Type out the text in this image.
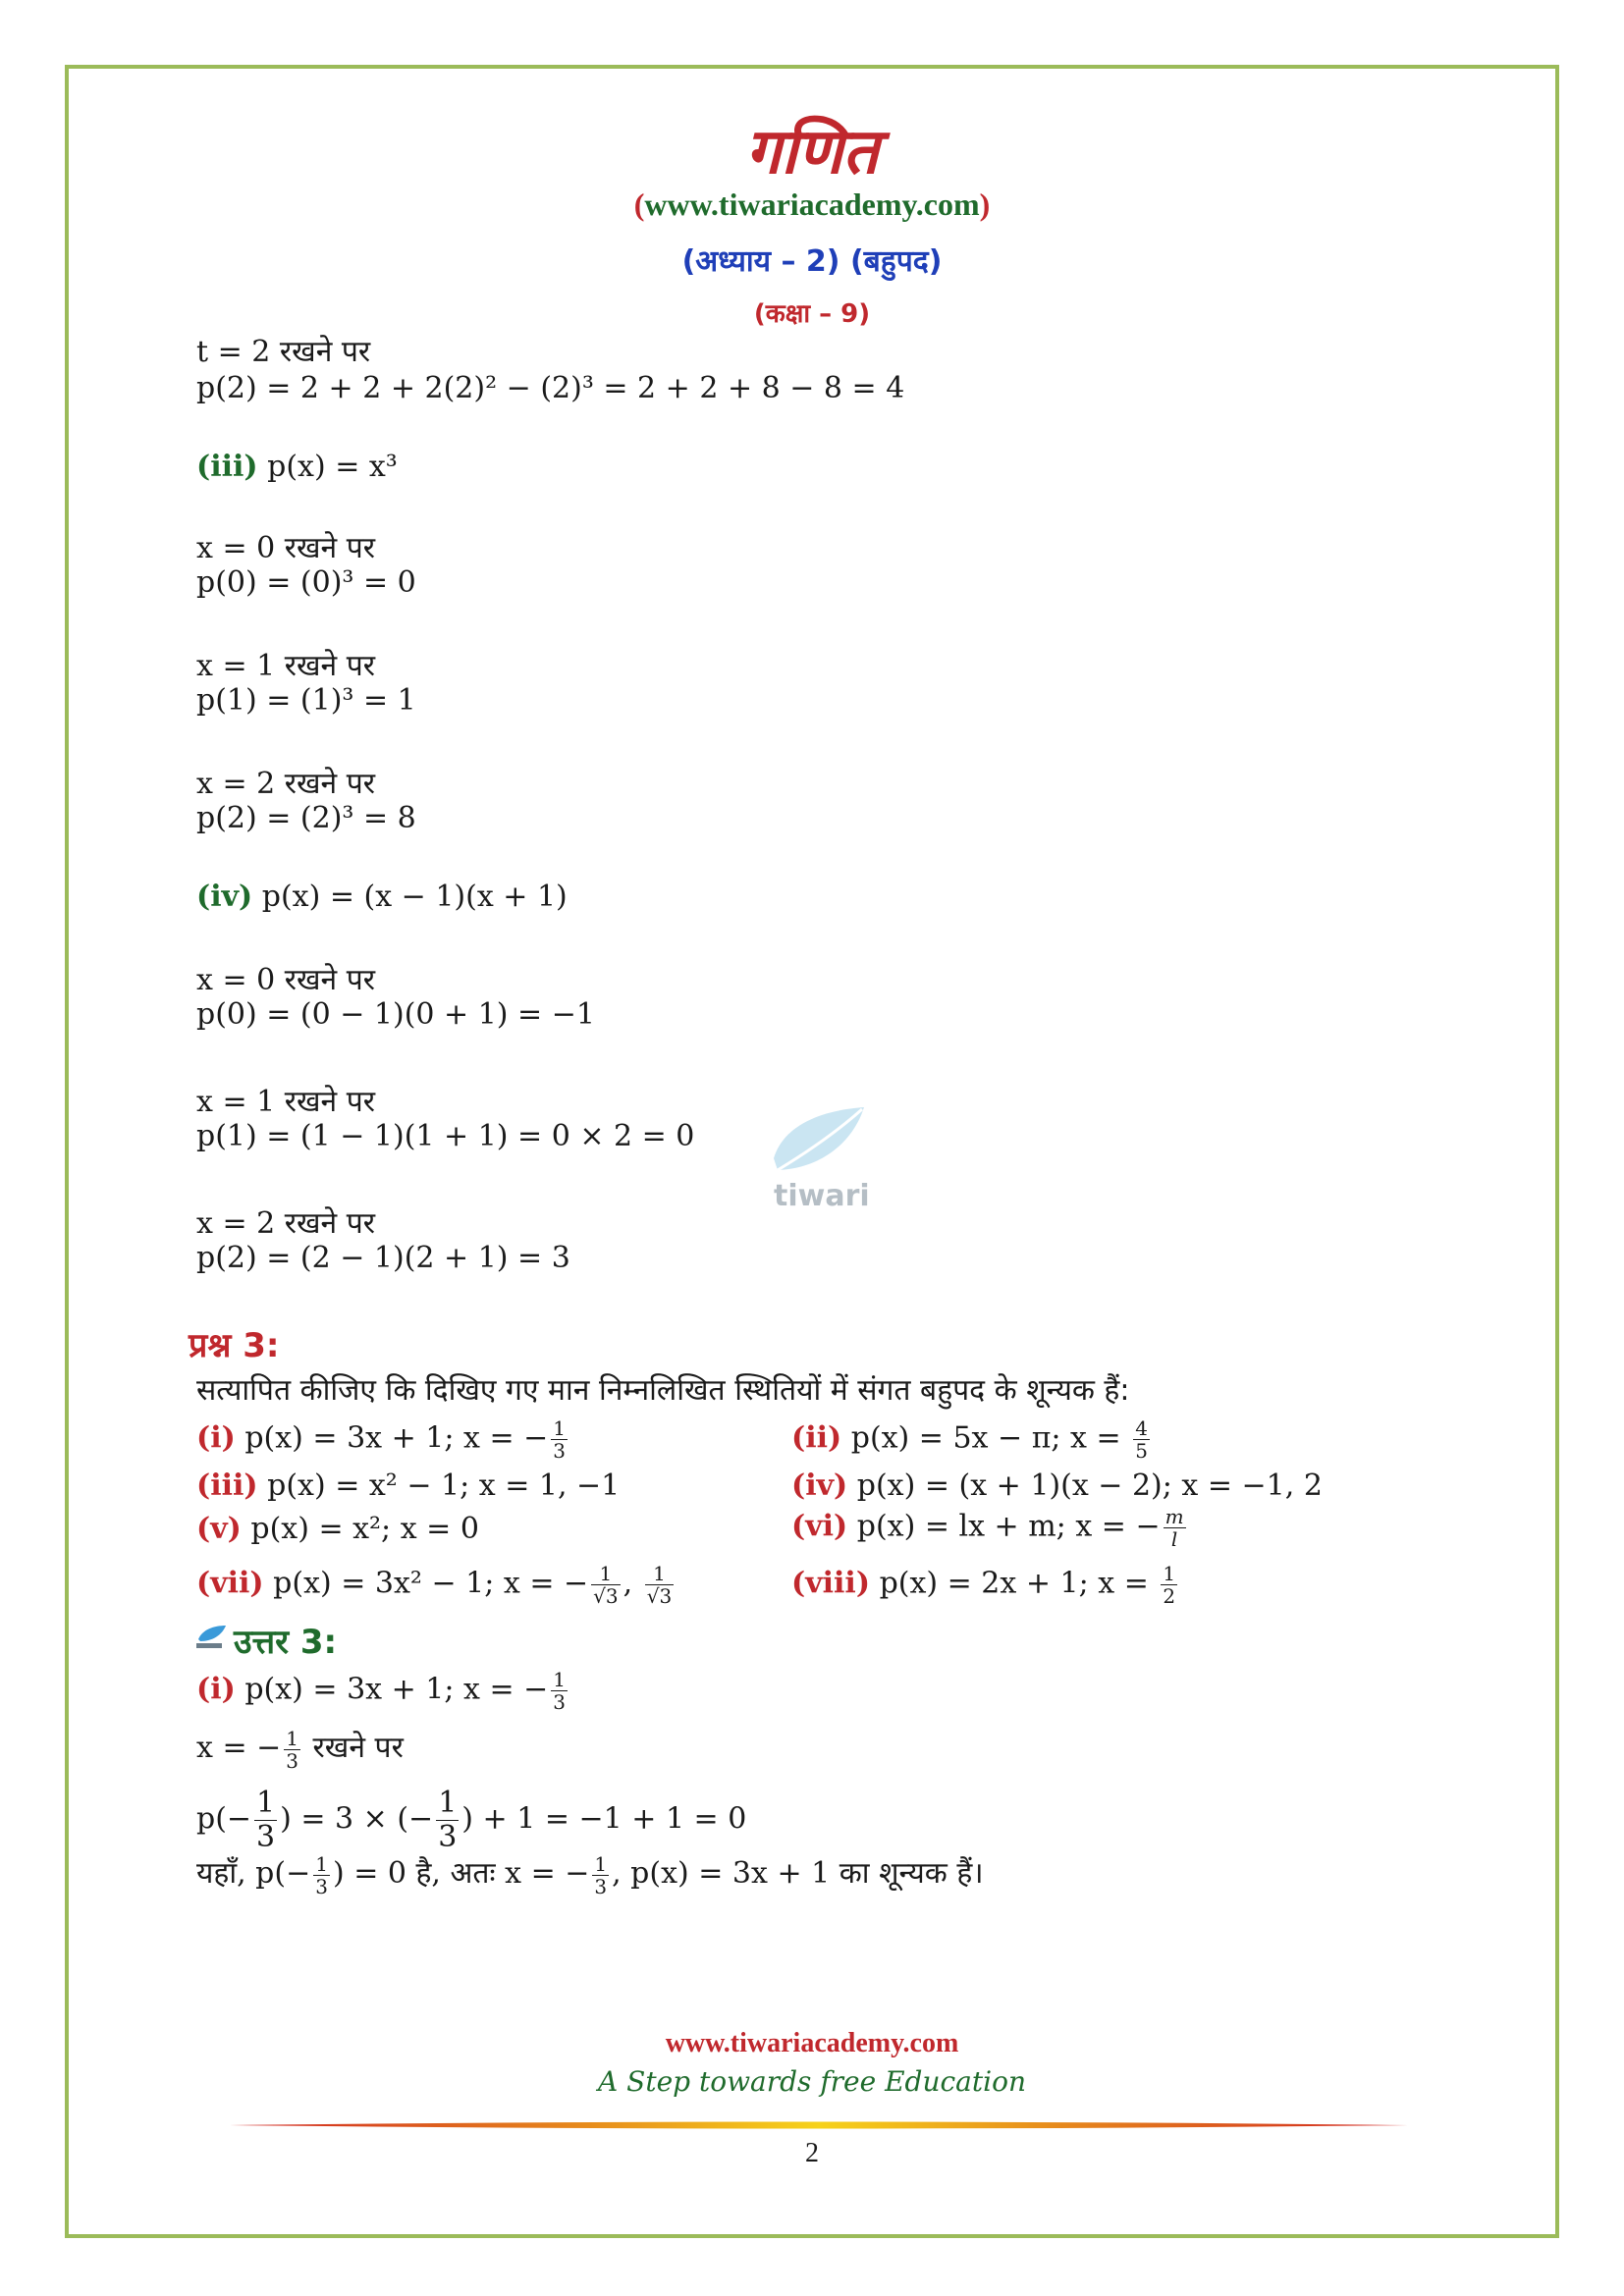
गणित
(www.tiwariacademy.com)
(अध्याय – 2) (बहुपद)
(कक्षा – 9)
t = 2 रखने पर
p(2) = 2 + 2 + 2(2)² − (2)³ = 2 + 2 + 8 − 8 = 4
(iii) p(x) = x³
x = 0 रखने पर
p(0) = (0)³ = 0
x = 1 रखने पर
p(1) = (1)³ = 1
x = 2 रखने पर
p(2) = (2)³ = 8
(iv) p(x) = (x − 1)(x + 1)
x = 0 रखने पर
p(0) = (0 − 1)(0 + 1) = −1
x = 1 रखने पर
p(1) = (1 − 1)(1 + 1) = 0 × 2 = 0
x = 2 रखने पर
p(2) = (2 − 1)(2 + 1) = 3
tiwari
प्रश्न 3:
सत्यापित कीजिए कि दिखिए गए मान निम्नलिखित स्थितियों में संगत बहुपद के शून्यक हैं:
(i) p(x) = 3x + 1; x = − $\frac{1}{3}$	(ii) p(x) = 5x − π; $x = \frac{4}{5}$
(iii) p(x) = x² − 1; x = 1, −1	(iv) p(x) = (x + 1)(x − 2); x = −1, 2
(v) p(x) = x²; x = 0	(vi) p(x) = lx + m; x = − $\frac{m}{l}$
(vii) p(x) = 3x² − 1; x = − $\frac{1}{√3}$ , $\frac{1}{√3}$	(viii) p(x) = 2x + 1; $x = \frac{1}{2}$
उत्तर 3:
(i) p(x) = 3x + 1; x = − $\frac{1}{3}$
x = − $\frac{1}{3}$ रखने पर
$p(- \frac{1}{3}$ ) = 3 × (− $\frac{1}{3}$ ) + 1 = −1 + 1 = 0
यहाँ, $p(- \frac{1}{3}$ ) = 0 है, अतः x = − $\frac{1}{3}$ , p(x) = 3x + 1 का शून्यक हैं।
www.tiwariacademy.com
A Step towards free Education
2
